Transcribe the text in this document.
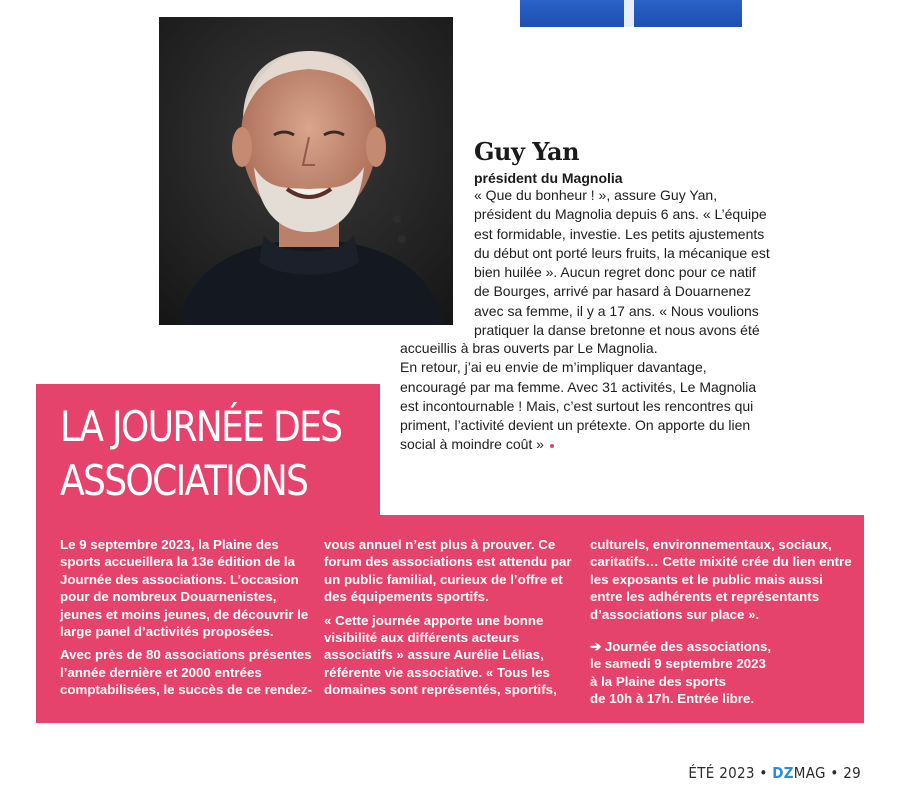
Guy Yan
président du Magnolia
« Que du bonheur ! », assure Guy Yan,
président du Magnolia depuis 6 ans. « L’équipe
est formidable, investie. Les petits ajustements
du début ont porté leurs fruits, la mécanique est
bien huilée ». Aucun regret donc pour ce natif
de Bourges, arrivé par hasard à Douarnenez
avec sa femme, il y a 17 ans. « Nous voulions
pratiquer la danse bretonne et nous avons été
accueillis à bras ouverts par Le Magnolia.
En retour, j’ai eu envie de m’impliquer davantage,
encouragé par ma femme. Avec 31 activités, Le Magnolia
est incontournable ! Mais, c’est surtout les rencontres qui
priment, l’activité devient un prétexte. On apporte du lien
social à moindre coût »
LA JOURNÉE DES
ASSOCIATIONS
Le 9 septembre 2023, la Plaine des
sports accueillera la 13e édition de la
Journée des associations. L’occasion
pour de nombreux Douarnenistes,
jeunes et moins jeunes, de découvrir le
large panel d’activités proposées.
Avec près de 80 associations présentes
l’année dernière et 2000 entrées
comptabilisées, le succès de ce rendez-
vous annuel n’est plus à prouver. Ce
forum des associations est attendu par
un public familial, curieux de l’offre et
des équipements sportifs.
« Cette journée apporte une bonne
visibilité aux différents acteurs
associatifs » assure Aurélie Lélias,
référente vie associative. « Tous les
domaines sont représentés, sportifs,
culturels, environnementaux, sociaux,
caritatifs… Cette mixité crée du lien entre
les exposants et le public mais aussi
entre les adhérents et représentants
d’associations sur place ».
➔ Journée des associations,
le samedi 9 septembre 2023
à la Plaine des sports
de 10h à 17h. Entrée libre.
ÉTÉ 2023 • DZMAG • 29
